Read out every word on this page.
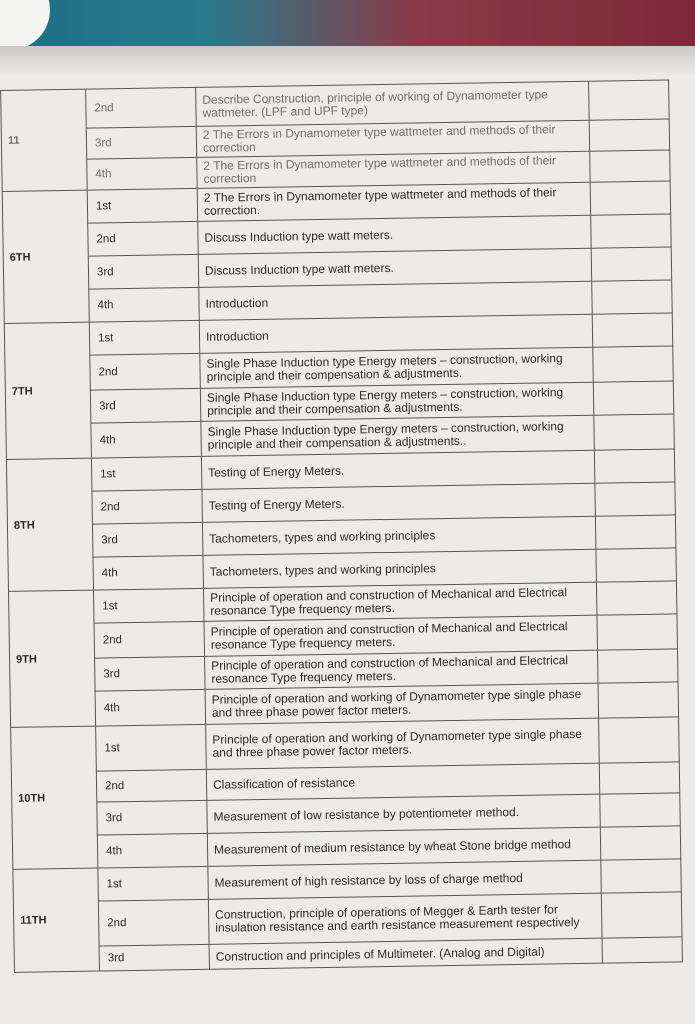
11	2nd	Describe Construction, principle of working of Dynamometer type wattmeter. (LPF and UPF type)	
	3rd	2 The Errors in Dynamometer type wattmeter and methods of their correction	
	4th	2 The Errors in Dynamometer type wattmeter and methods of their correction	
6TH	1st	2 The Errors in Dynamometer type wattmeter and methods of their correction.	
	2nd	Discuss Induction type watt meters.	
	3rd	Discuss Induction type watt meters.	
	4th	Introduction	
7TH	1st	Introduction	
	2nd	Single Phase Induction type Energy meters – construction, working principle and their compensation & adjustments.	
	3rd	Single Phase Induction type Energy meters – construction, working principle and their compensation & adjustments.	
	4th	Single Phase Induction type Energy meters – construction, working principle and their compensation & adjustments..	
8TH	1st	Testing of Energy Meters.	
	2nd	Testing of Energy Meters.	
	3rd	Tachometers, types and working principles	
	4th	Tachometers, types and working principles	
9TH	1st	Principle of operation and construction of Mechanical and Electrical resonance Type frequency meters.	
	2nd	Principle of operation and construction of Mechanical and Electrical resonance Type frequency meters.	
	3rd	Principle of operation and construction of Mechanical and Electrical resonance Type frequency meters.	
	4th	Principle of operation and working of Dynamometer type single phase and three phase power factor meters.	
10TH	1st	Principle of operation and working of Dynamometer type single phase and three phase power factor meters.	
	2nd	Classification of resistance	
	3rd	Measurement of low resistance by potentiometer method.	
	4th	Measurement of medium resistance by wheat Stone bridge method	
11TH	1st	Measurement of high resistance by loss of charge method	
	2nd	Construction, principle of operations of Megger & Earth tester for insulation resistance and earth resistance measurement respectively	
	3rd	Construction and principles of Multimeter. (Analog and Digital)	
